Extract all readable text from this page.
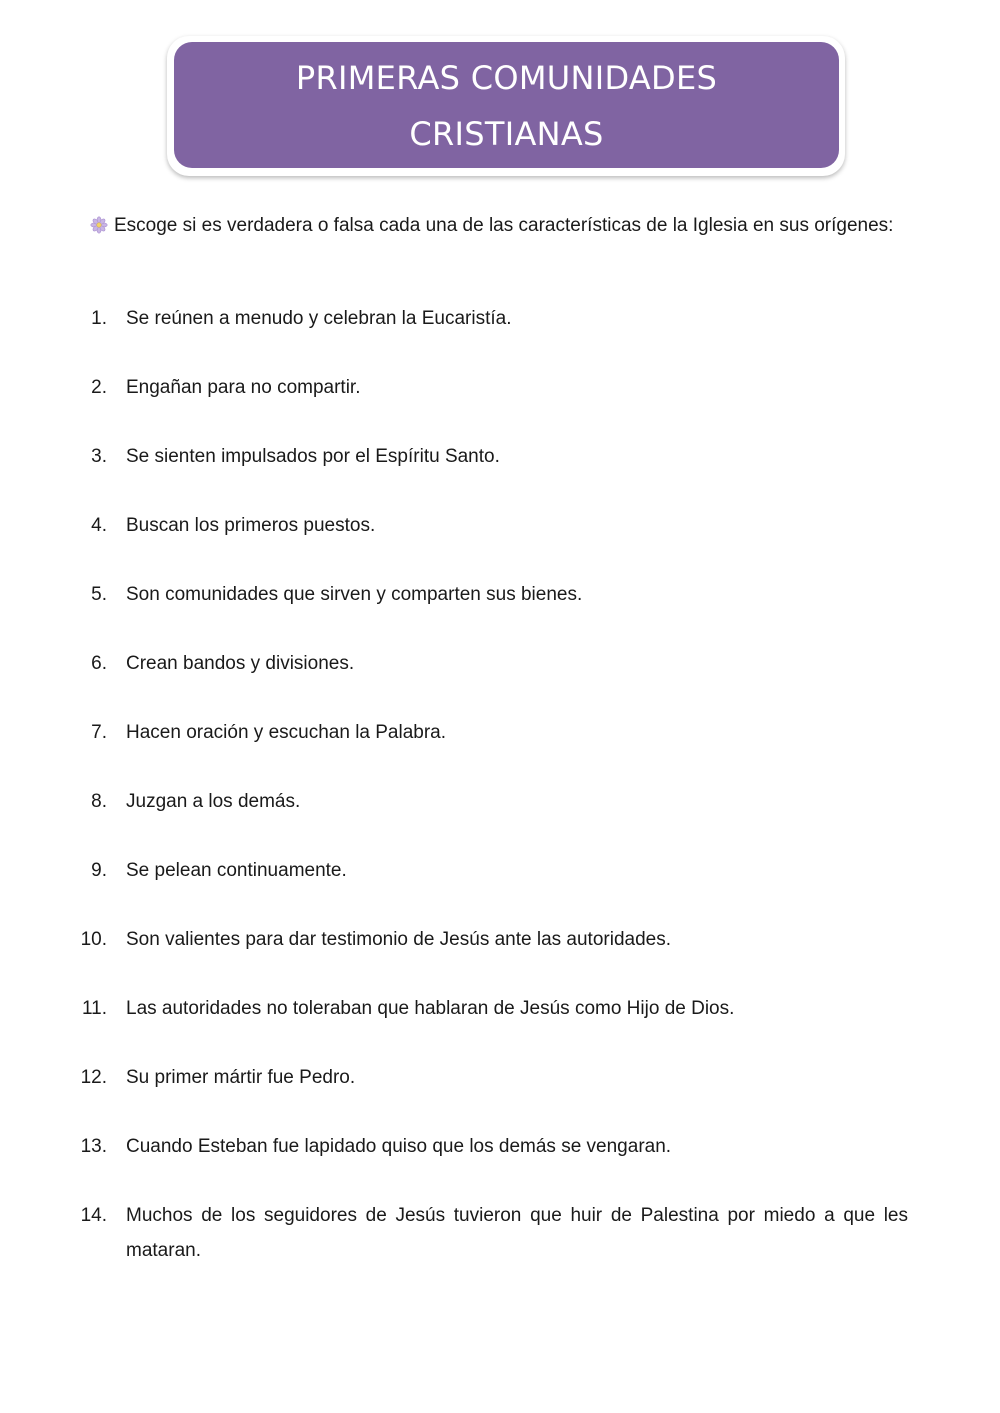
PRIMERAS COMUNIDADES
CRISTIANAS
Escoge si es verdadera o falsa cada una de las características de la Iglesia en sus orígenes:
1. Se reúnen a menudo y celebran la Eucaristía.
2. Engañan para no compartir.
3. Se sienten impulsados por el Espíritu Santo.
4. Buscan los primeros puestos.
5. Son comunidades que sirven y comparten sus bienes.
6. Crean bandos y divisiones.
7. Hacen oración y escuchan la Palabra.
8. Juzgan a los demás.
9. Se pelean continuamente.
10. Son valientes para dar testimonio de Jesús ante las autoridades.
11. Las autoridades no toleraban que hablaran de Jesús como Hijo de Dios.
12. Su primer mártir fue Pedro.
13. Cuando Esteban fue lapidado quiso que los demás se vengaran.
14. Muchos de los seguidores de Jesús tuvieron que huir de Palestina por miedo a que les mataran.
